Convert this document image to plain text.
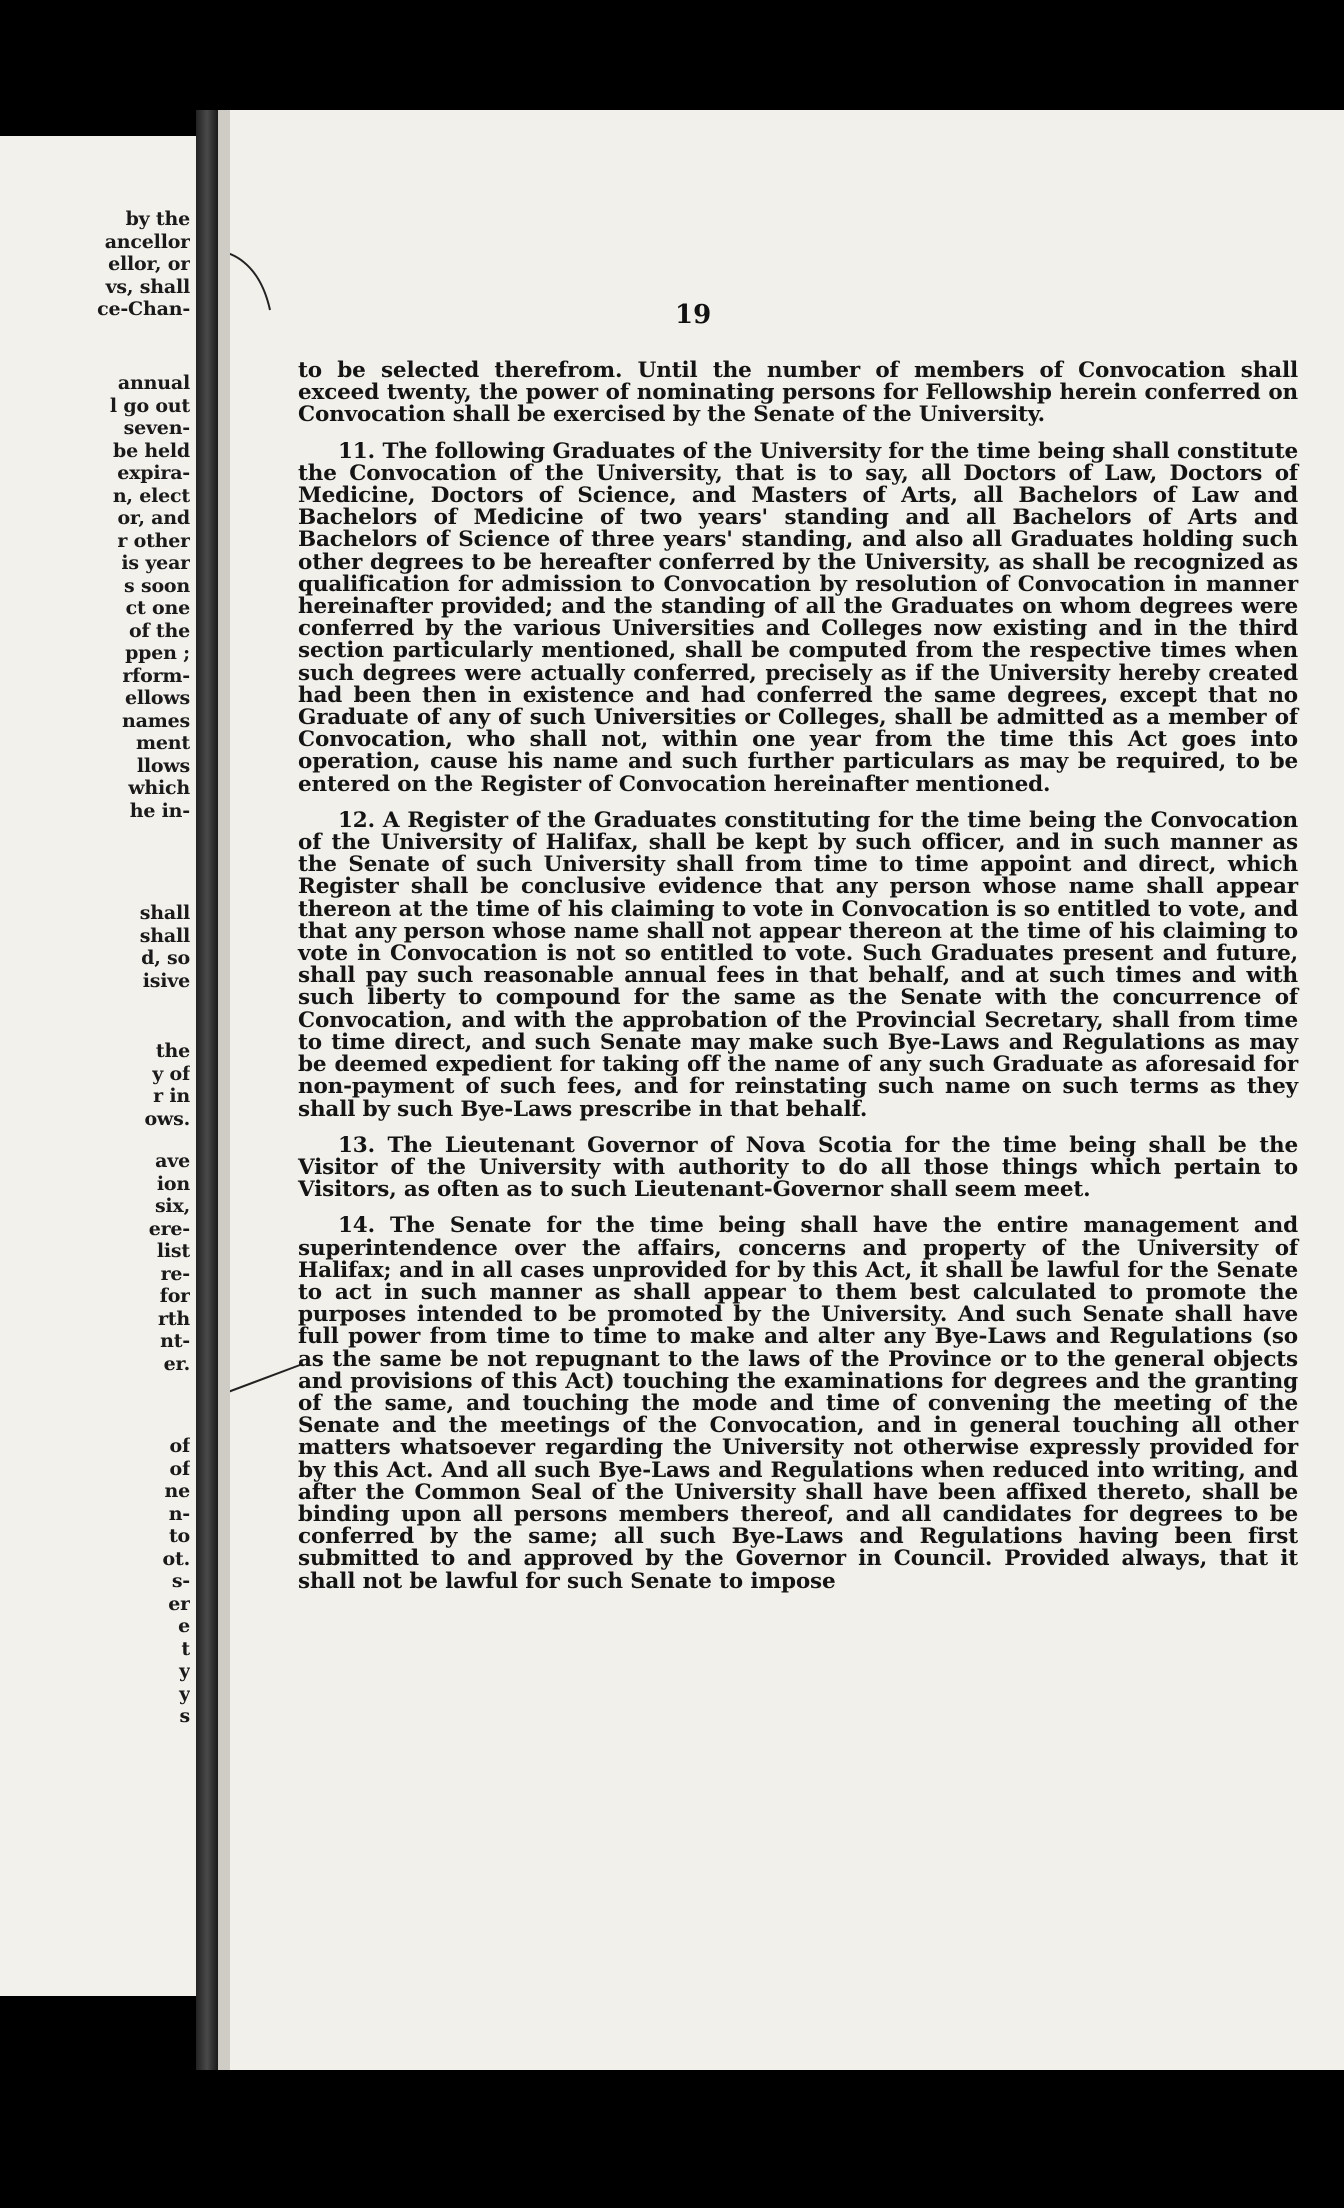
by the
ancellor
ellor, or
vs, shall
ce-Chan-
annual
l go out
seven-
be held
expira-
n, elect
or, and
r other
is year
s soon
ct one
of the
ppen ;
rform-
ellows
names
ment
llows
which
he in-
shall
shall
d, so
isive
the
y of
r in
ows.
ave
ion
six,
ere-
list
re-
for
rth
nt-
er.
of
of
ne
n-
to
ot.
s-
er
e
t
y
y
s
19

to be selected therefrom. Until the number of members of Convocation shall exceed twenty, the power of nominating persons for Fellowship herein conferred on Convocation shall be exercised by the Senate of the University.

11. The following Graduates of the University for the time being shall constitute the Convocation of the University, that is to say, all Doctors of Law, Doctors of Medicine, Doctors of Science, and Masters of Arts, all Bachelors of Law and Bachelors of Medicine of two years' standing and all Bachelors of Arts and Bachelors of Science of three years' standing, and also all Graduates holding such other degrees to be hereafter conferred by the University, as shall be recognized as qualification for admission to Convocation by resolution of Convocation in manner hereinafter provided; and the standing of all the Graduates on whom degrees were conferred by the various Universities and Colleges now existing and in the third section particularly mentioned, shall be computed from the respective times when such degrees were actually conferred, precisely as if the University hereby created had been then in existence and had conferred the same degrees, except that no Graduate of any of such Universities or Colleges, shall be admitted as a member of Convocation, who shall not, within one year from the time this Act goes into operation, cause his name and such further particulars as may be required, to be entered on the Register of Convocation hereinafter mentioned.

12. A Register of the Graduates constituting for the time being the Convocation of the University of Halifax, shall be kept by such officer, and in such manner as the Senate of such University shall from time to time appoint and direct, which Register shall be conclusive evidence that any person whose name shall appear thereon at the time of his claiming to vote in Convocation is so entitled to vote, and that any person whose name shall not appear thereon at the time of his claiming to vote in Convocation is not so entitled to vote. Such Graduates present and future, shall pay such reasonable annual fees in that behalf, and at such times and with such liberty to compound for the same as the Senate with the concurrence of Convocation, and with the approbation of the Provincial Secretary, shall from time to time direct, and such Senate may make such Bye-Laws and Regulations as may be deemed expedient for taking off the name of any such Graduate as aforesaid for non-payment of such fees, and for reinstating such name on such terms as they shall by such Bye-Laws prescribe in that behalf.

13. The Lieutenant Governor of Nova Scotia for the time being shall be the Visitor of the University with authority to do all those things which pertain to Visitors, as often as to such Lieutenant-Governor shall seem meet.

14. The Senate for the time being shall have the entire management and superintendence over the affairs, concerns and property of the University of Halifax; and in all cases unprovided for by this Act, it shall be lawful for the Senate to act in such manner as shall appear to them best calculated to promote the purposes intended to be promoted by the University. And such Senate shall have full power from time to time to make and alter any Bye-Laws and Regulations (so as the same be not repugnant to the laws of the Province or to the general objects and provisions of this Act) touching the examinations for degrees and the granting of the same, and touching the mode and time of convening the meeting of the Senate and the meetings of the Convocation, and in general touching all other matters whatsoever regarding the University not otherwise expressly provided for by this Act. And all such Bye-Laws and Regulations when reduced into writing, and after the Common Seal of the University shall have been affixed thereto, shall be binding upon all persons members thereof, and all candidates for degrees to be conferred by the same; all such Bye-Laws and Regulations having been first submitted to and approved by the Governor in Council. Provided always, that it shall not be lawful for such Senate to impose
